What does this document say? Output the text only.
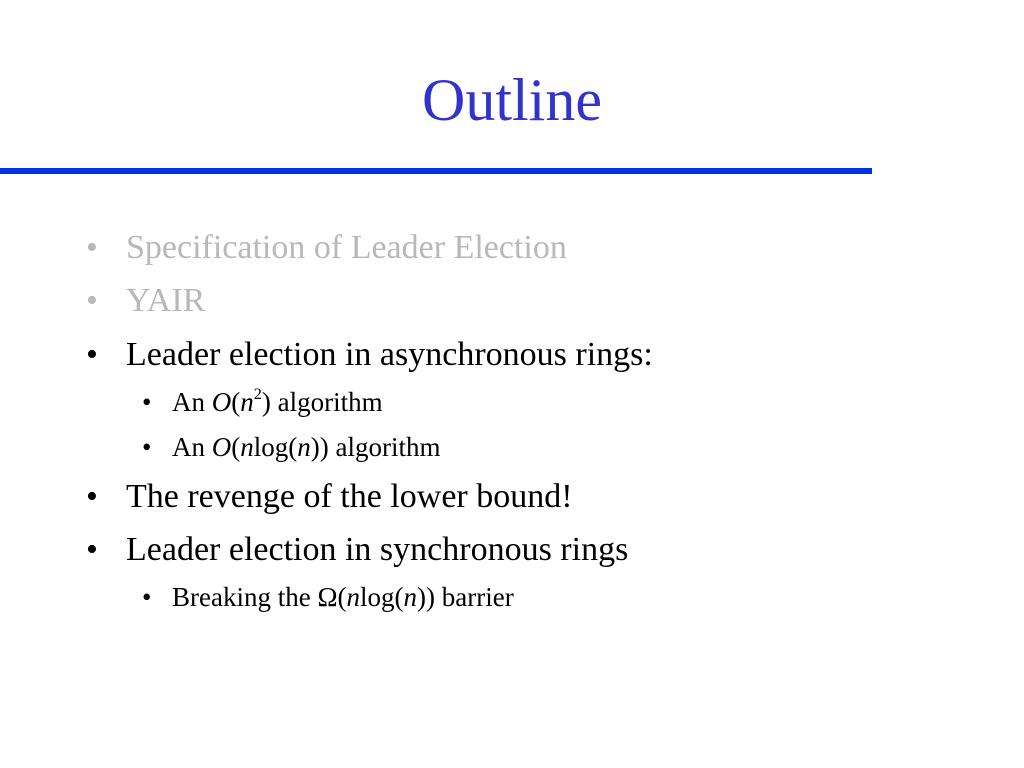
Outline
• Specification of Leader Election
• YAIR
• Leader election in asynchronous rings:
• An $O(n^2)$ algorithm
• An O(nlog(n)) algorithm
• The revenge of the lower bound!
• Leader election in synchronous rings
• Breaking the Ω(nlog(n)) barrier
